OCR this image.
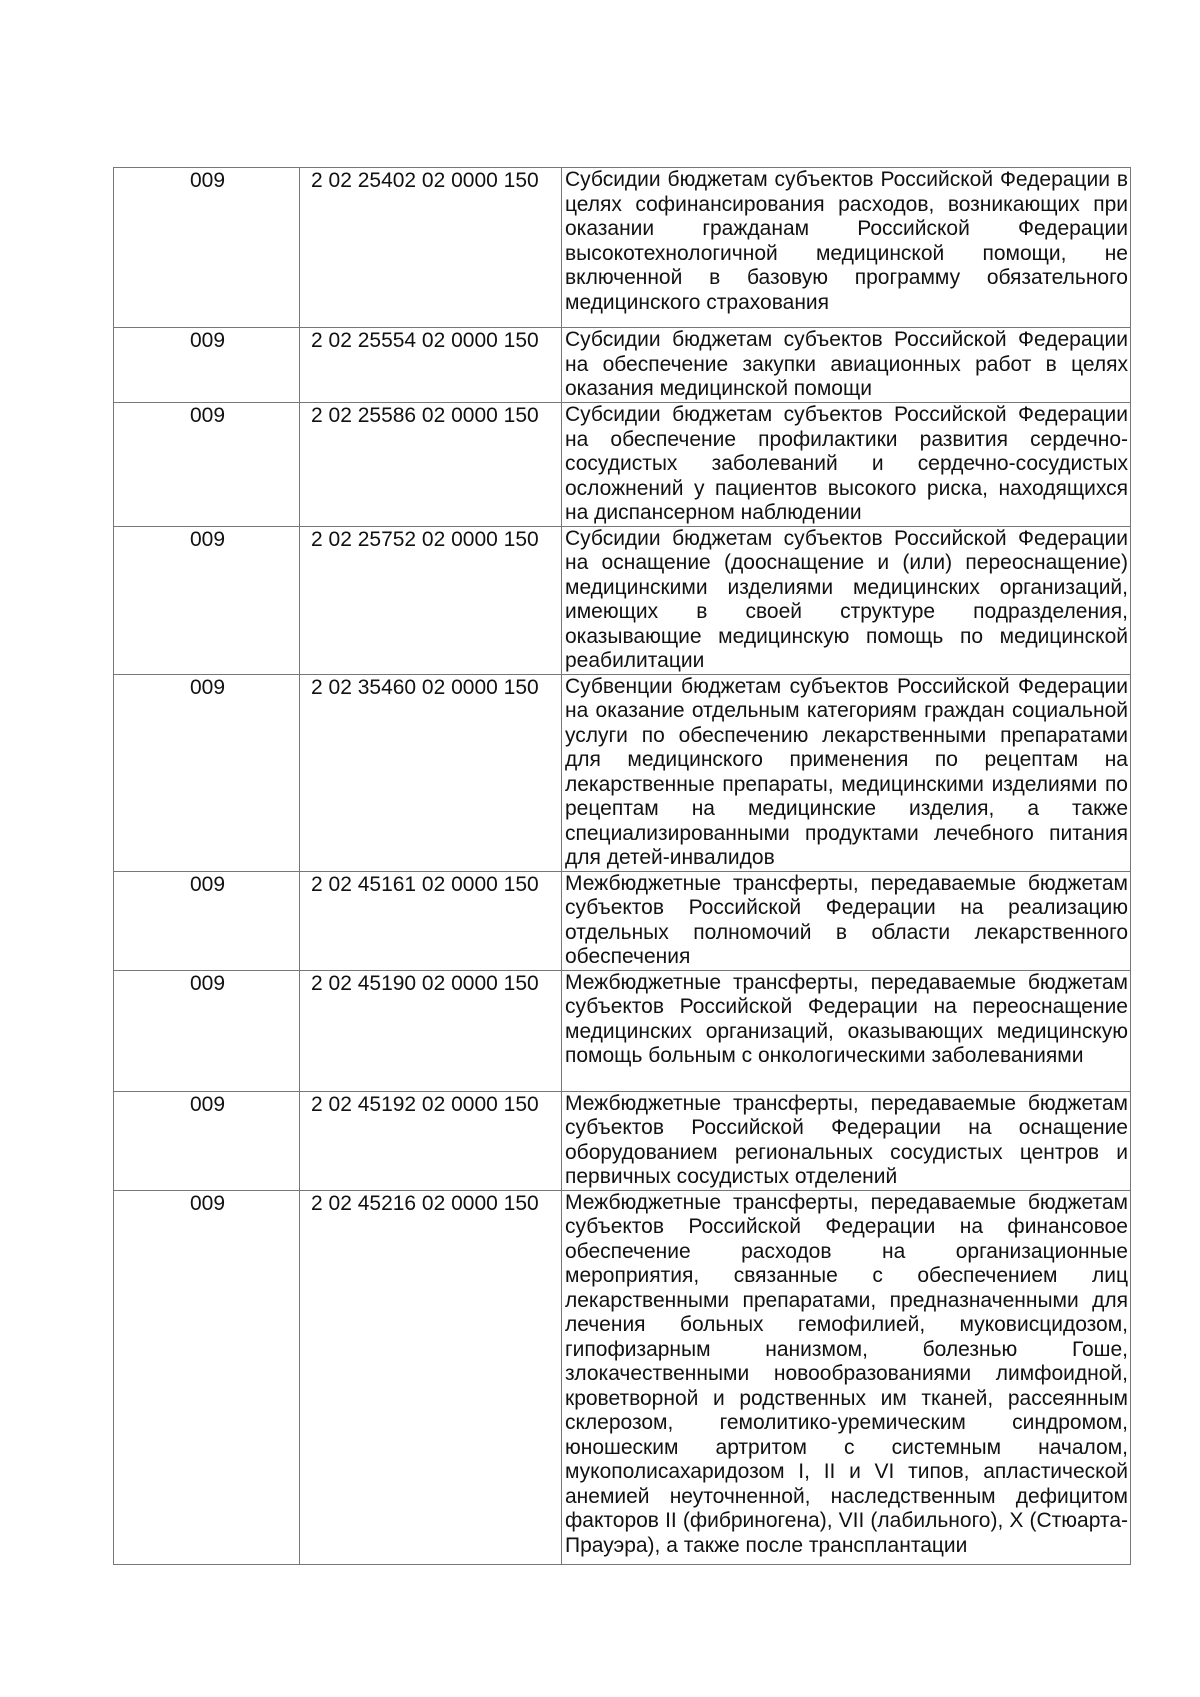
009	2 02 25402 02 0000 150	Субсидии бюджетам субъектов Российской Федерации в целях софинансирования расходов, возникающих при оказании гражданам Российской Федерации высокотехнологичной медицинской помощи, не включенной в базовую программу обязательного медицинского страхования

009	2 02 25554 02 0000 150	Субсидии бюджетам субъектов Российской Федерации на обеспечение закупки авиационных работ в целях оказания медицинской помощи

009	2 02 25586 02 0000 150	Субсидии бюджетам субъектов Российской Федерации на обеспечение профилактики развития сердечно-сосудистых заболеваний и сердечно-сосудистых осложнений у пациентов высокого риска, находящихся на диспансерном наблюдении

009	2 02 25752 02 0000 150	Субсидии бюджетам субъектов Российской Федерации на оснащение (дооснащение и (или) переоснащение) медицинскими изделиями медицинских организаций, имеющих в своей структуре подразделения, оказывающие медицинскую помощь по медицинской реабилитации

009	2 02 35460 02 0000 150	Субвенции бюджетам субъектов Российской Федерации на оказание отдельным категориям граждан социальной услуги по обеспечению лекарственными препаратами для медицинского применения по рецептам на лекарственные препараты, медицинскими изделиями по рецептам на медицинские изделия, а также специализированными продуктами лечебного питания для детей-инвалидов

009	2 02 45161 02 0000 150	Межбюджетные трансферты, передаваемые бюджетам субъектов Российской Федерации на реализацию отдельных полномочий в области лекарственного обеспечения

009	2 02 45190 02 0000 150	Межбюджетные трансферты, передаваемые бюджетам субъектов Российской Федерации на переоснащение медицинских организаций, оказывающих медицинскую помощь больным с онкологическими заболеваниями

009	2 02 45192 02 0000 150	Межбюджетные трансферты, передаваемые бюджетам субъектов Российской Федерации на оснащение оборудованием региональных сосудистых центров и первичных сосудистых отделений

009	2 02 45216 02 0000 150	Межбюджетные трансферты, передаваемые бюджетам субъектов Российской Федерации на финансовое обеспечение расходов на организационные мероприятия, связанные с обеспечением лиц лекарственными препаратами, предназначенными для лечения больных гемофилией, муковисцидозом, гипофизарным нанизмом, болезнью Гоше, злокачественными новообразованиями лимфоидной, кроветворной и родственных им тканей, рассеянным склерозом, гемолитико-уремическим синдромом, юношеским артритом с системным началом, мукополисахаридозом I, II и VI типов, апластической анемией неуточненной, наследственным дефицитом факторов II (фибриногена), VII (лабильного), X (Стюарта-Прауэра), а также после трансплантации
